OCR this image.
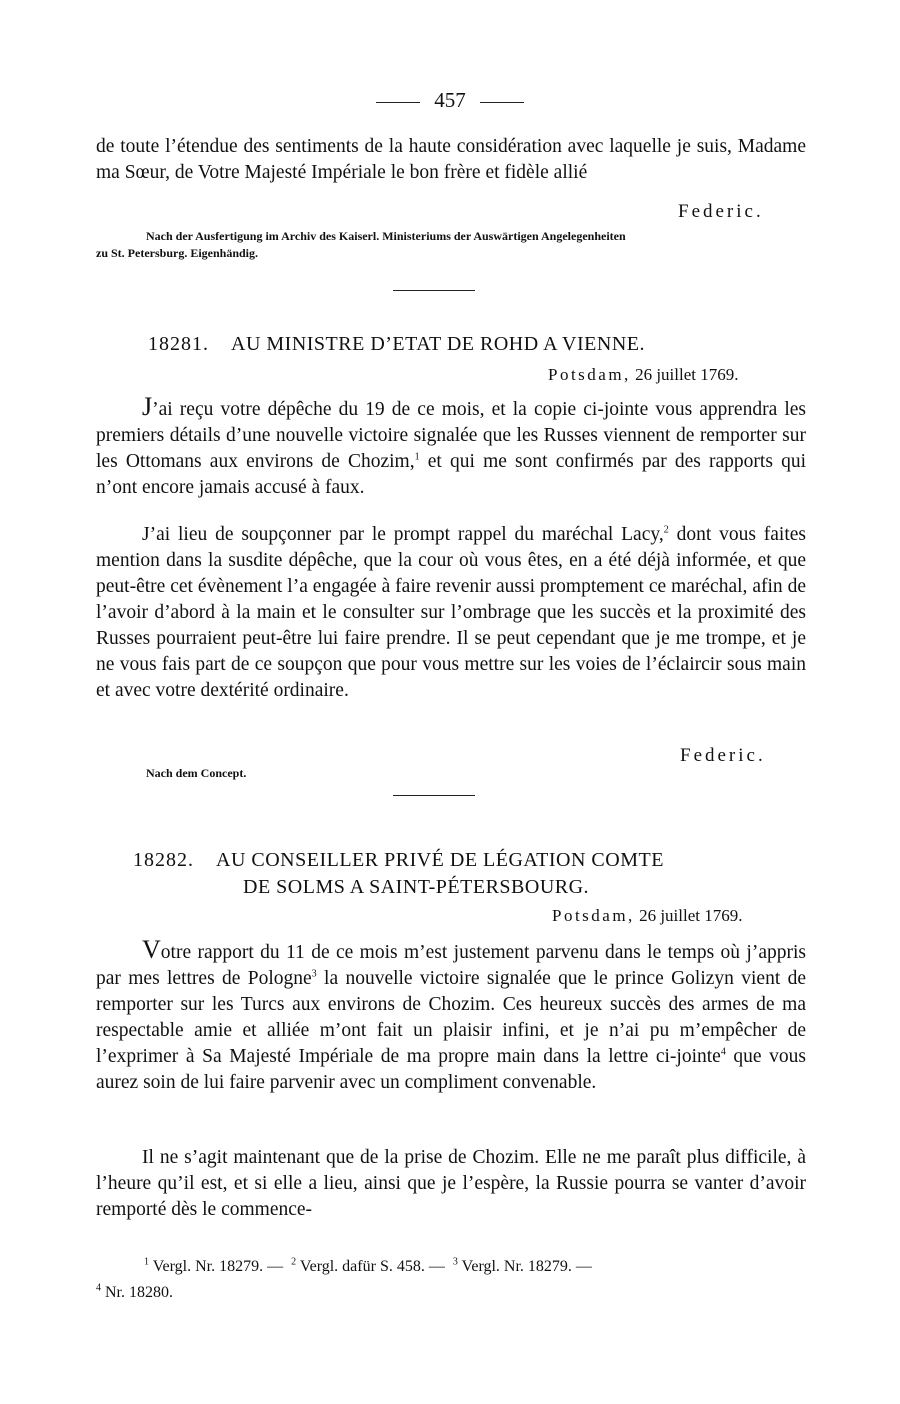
457

de toute l’étendue des sentiments de la haute considération avec laquelle je suis, Madame ma Sœur, de Votre Majesté Impériale le bon frère et fidèle allié

Federic.
Nach der Ausfertigung im Archiv des Kaiserl. Ministeriums der Auswärtigen Angelegenheiten
zu St. Petersburg. Eigenhändig.
18281. AU MINISTRE D’ETAT DE ROHD A VIENNE.
Potsdam, 26 juillet 1769.

J’ai reçu votre dépêche du 19 de ce mois, et la copie ci-jointe vous apprendra les premiers détails d’une nouvelle victoire signalée que les Russes viennent de remporter sur les Ottomans aux environs de Chozim,$^1$ et qui me sont confirmés par des rapports qui n’ont encore jamais accusé à faux.

J’ai lieu de soupçonner par le prompt rappel du maréchal Lacy,$^2$ dont vous faites mention dans la susdite dépêche, que la cour où vous êtes, en a été déjà informée, et que peut-être cet évènement l’a engagée à faire revenir aussi promptement ce maréchal, afin de l’avoir d’abord à la main et le consulter sur l’ombrage que les succès et la proximité des Russes pourraient peut-être lui faire prendre. Il se peut cependant que je me trompe, et je ne vous fais part de ce soupçon que pour vous mettre sur les voies de l’éclaircir sous main et avec votre dextérité ordinaire.

Federic.
Nach dem Concept.
18282. AU CONSEILLER PRIVÉ DE LÉGATION COMTE
DE SOLMS A SAINT-PÉTERSBOURG.
Potsdam, 26 juillet 1769.

Votre rapport du 11 de ce mois m’est justement parvenu dans le temps où j’appris par mes lettres de Pologne$^3$ la nouvelle victoire signalée que le prince Golizyn vient de remporter sur les Turcs aux environs de Chozim. Ces heureux succès des armes de ma respectable amie et alliée m’ont fait un plaisir infini, et je n’ai pu m’empêcher de l’exprimer à Sa Majesté Impériale de ma propre main dans la lettre ci-jointe$^4$ que vous aurez soin de lui faire parvenir avec un compliment convenable.

Il ne s’agit maintenant que de la prise de Chozim. Elle ne me paraît plus difficile, à l’heure qu’il est, et si elle a lieu, ainsi que je l’espère, la Russie pourra se vanter d’avoir remporté dès le commence-

$^1$ Vergl. Nr. 18279. — $^2$ Vergl. dafür S. 458. — $^3$ Vergl. Nr. 18279. —
$^4$ Nr. 18280.
